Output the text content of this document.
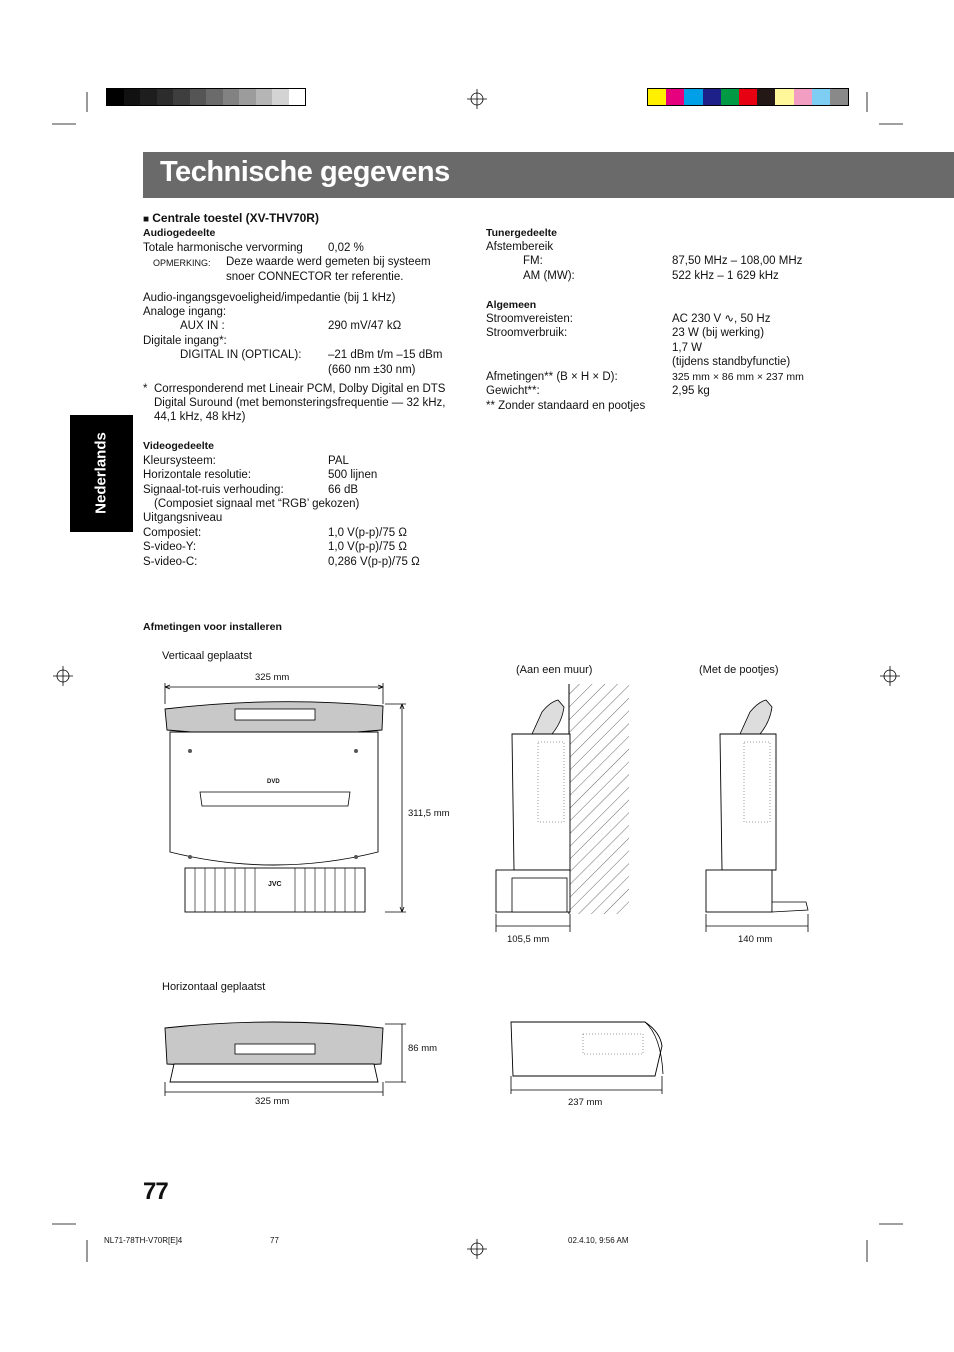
Technische gegevens
Nederlands
■ Centrale toestel (XV-THV70R)
Audiogedeelte
Totale harmonische vervorming 0,02 %
OPMERKING: Deze waarde werd gemeten bij systeem
snoer CONNECTOR ter referentie.
Audio-ingangsgevoeligheid/impedantie (bij 1 kHz)
Analoge ingang:
AUX IN :	290 mV/47 kΩ
Digitale ingang*:
DIGITAL IN (OPTICAL): –21 dBm t/m –15 dBm
(660 nm ±30 nm)
* Corresponderend met Lineair PCM, Dolby Digital en DTS
Digital Suround (met bemonsteringsfrequentie — 32 kHz,
44,1 kHz, 48 kHz)
Videogedeelte
Kleursysteem:	PAL
Horizontale resolutie:	500 lijnen
Signaal-tot-ruis verhouding:	66 dB
(Composiet signaal met “RGB’ gekozen)
Uitgangsniveau
Composiet:	1,0 V(p-p)/75 Ω
S-video-Y:	1,0 V(p-p)/75 Ω
S-video-C:	0,286 V(p-p)/75 Ω
Tunergedeelte
Afstembereik
FM:	87,50 MHz – 108,00 MHz
AM (MW):	522 kHz – 1 629 kHz
Algemeen
Stroomvereisten:	AC 230 V ∿, 50 Hz
Stroomverbruik:	23 W (bij werking)
1,7 W
(tijdens standbyfunctie)
Afmetingen** (B × H × D):	325 mm × 86 mm × 237 mm
Gewicht**:	2,95 kg
** Zonder standaard en pootjes
Afmetingen voor installeren
Verticaal geplaatst
(Aan een muur)	(Met de pootjes)
Horizontaal geplaatst
325 mm
311,5 mm
DVD
JVC
105,5 mm	140 mm
86 mm
325 mm	237 mm
77
NL71-78TH-V70R[E]4	77	02.4.10, 9:56 AM
